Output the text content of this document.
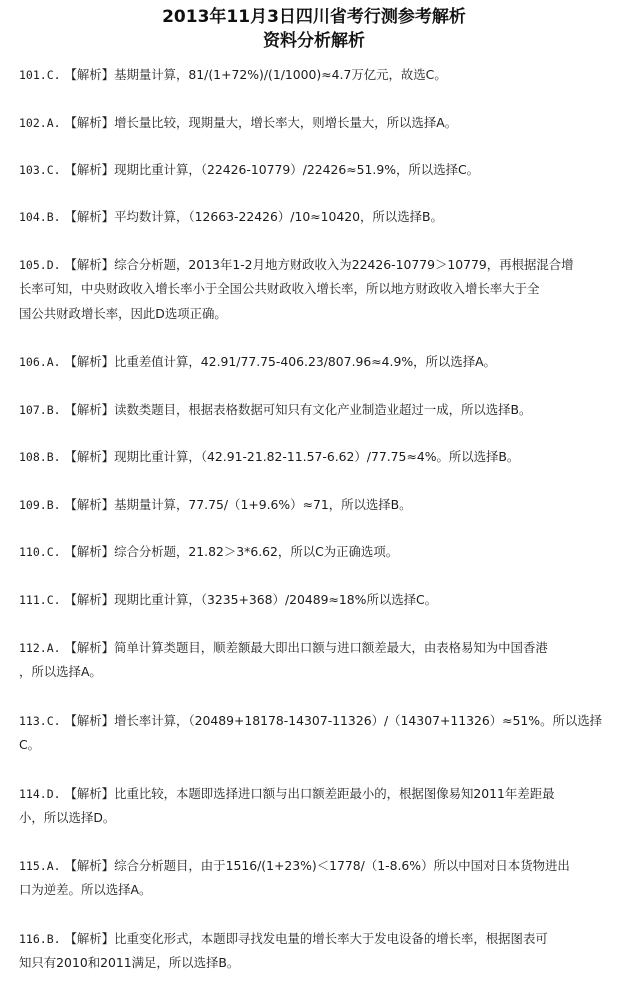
2013年11月3日四川省考行测参考解析
资料分析解析
101.C. 【解析】基期量计算，81/(1+72%)/(1/1000)≈4.7万亿元，故选C。
102.A. 【解析】增长量比较，现期量大，增长率大，则增长量大，所以选择A。
103.C. 【解析】现期比重计算，（22426-10779）/22426≈51.9%，所以选择C。
104.B. 【解析】平均数计算，（12663-22426）/10≈10420，所以选择B。
105.D. 【解析】综合分析题，2013年1-2月地方财政收入为22426-10779＞10779，再根据混合增
长率可知，中央财政收入增长率小于全国公共财政收入增长率，所以地方财政收入增长率大于全
国公共财政增长率，因此D选项正确。
106.A. 【解析】比重差值计算，42.91/77.75-406.23/807.96≈4.9%，所以选择A。
107.B. 【解析】读数类题目，根据表格数据可知只有文化产业制造业超过一成，所以选择B。
108.B. 【解析】现期比重计算，（42.91-21.82-11.57-6.62）/77.75≈4%。所以选择B。
109.B. 【解析】基期量计算，77.75/（1+9.6%）≈71，所以选择B。
110.C. 【解析】综合分析题，21.82＞3*6.62，所以C为正确选项。
111.C. 【解析】现期比重计算，（3235+368）/20489≈18%所以选择C。
112.A. 【解析】简单计算类题目，顺差额最大即出口额与进口额差最大，由表格易知为中国香港
，所以选择A。
113.C. 【解析】增长率计算，（20489+18178-14307-11326）/（14307+11326）≈51%。所以选择
C。
114.D. 【解析】比重比较，本题即选择进口额与出口额差距最小的，根据图像易知2011年差距最
小，所以选择D。
115.A. 【解析】综合分析题目，由于1516/(1+23%)＜1778/（1-8.6%）所以中国对日本货物进出
口为逆差。所以选择A。
116.B. 【解析】比重变化形式，本题即寻找发电量的增长率大于发电设备的增长率，根据图表可
知只有2010和2011满足，所以选择B。
